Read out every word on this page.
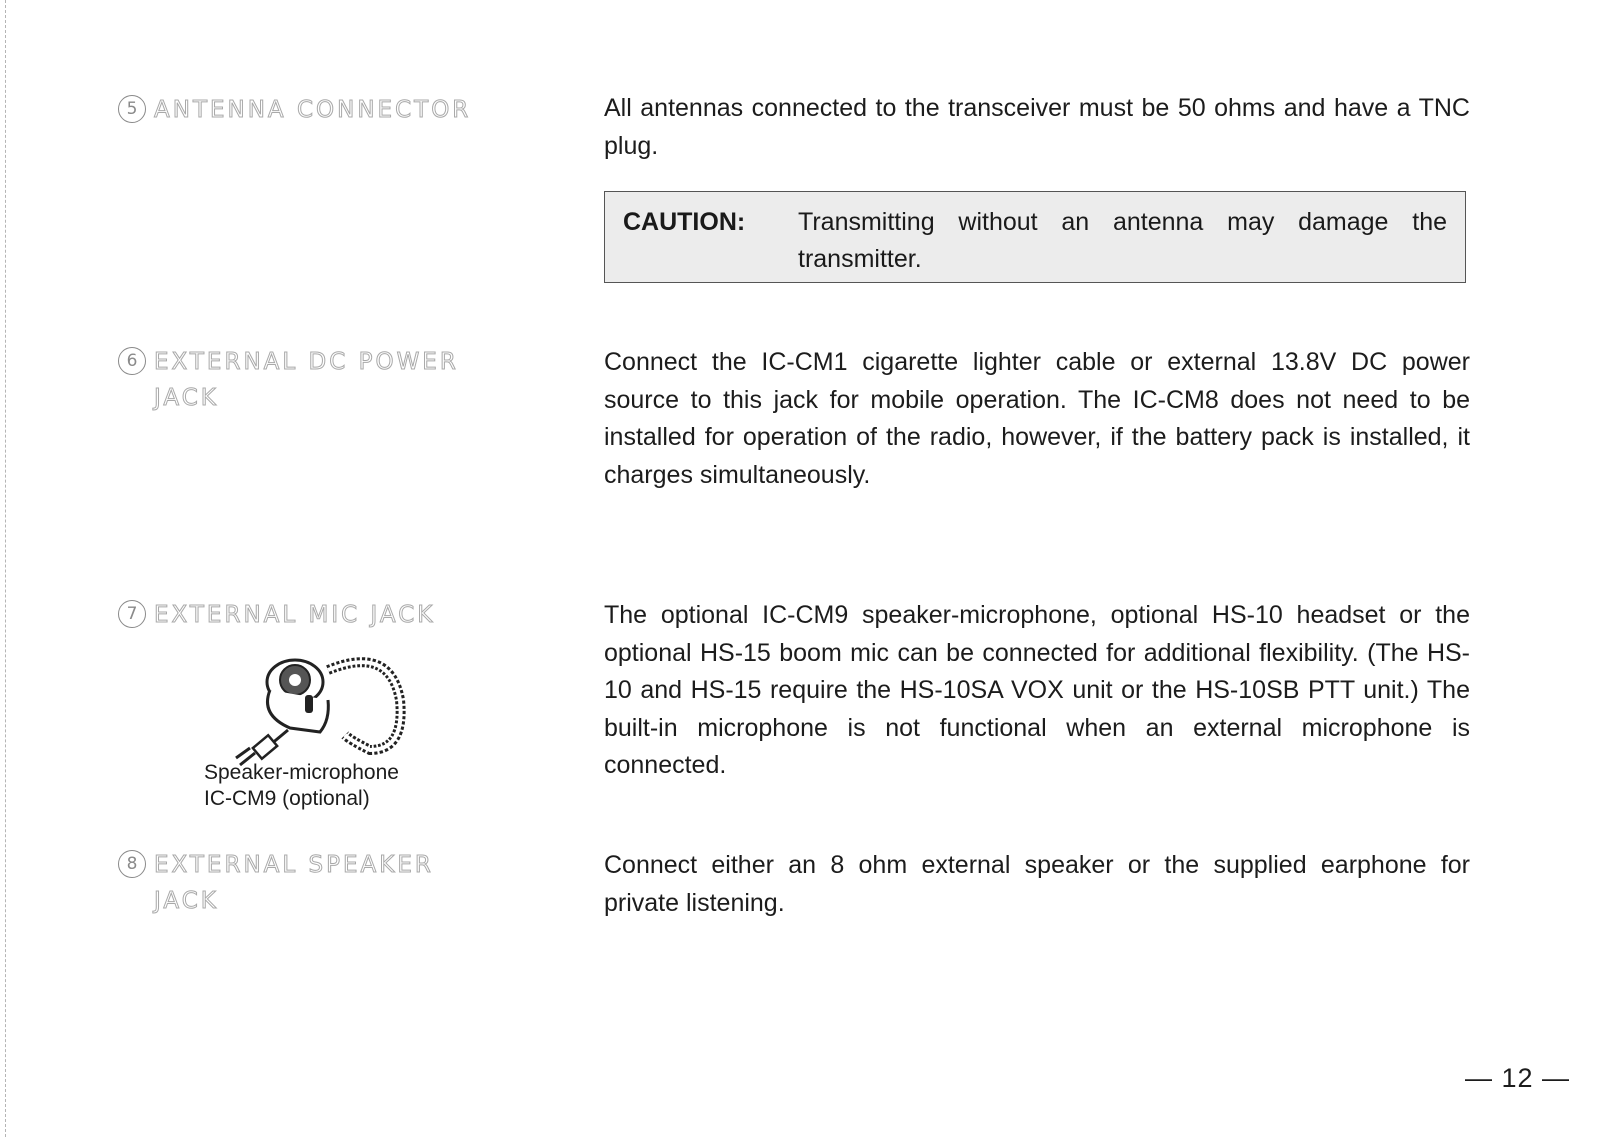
5 ANTENNA CONNECTOR	All antennas connected to the transceiver must be 50 ohms and have a TNC plug.
CAUTION:	Transmitting without an antenna may damage the transmitter.
6 EXTERNAL DC POWER JACK
Connect the IC-CM1 cigarette lighter cable or external 13.8V DC power source to this jack for mobile operation. The IC-CM8 does not need to be installed for operation of the radio, however, if the battery pack is installed, it charges simultaneously.
7 EXTERNAL MIC JACK	The optional IC-CM9 speaker-microphone, optional HS-10 headset or the optional HS-15 boom mic can be connected for additional flexibility. (The HS-10 and HS-15 require the HS-10SA VOX unit or the HS-10SB PTT unit.) The built-in microphone is not functional when an external microphone is connected.
Speaker-microphone
IC-CM9 (optional)
8 EXTERNAL SPEAKER JACK
Connect either an 8 ohm external speaker or the supplied earphone for private listening.
— 12 —
